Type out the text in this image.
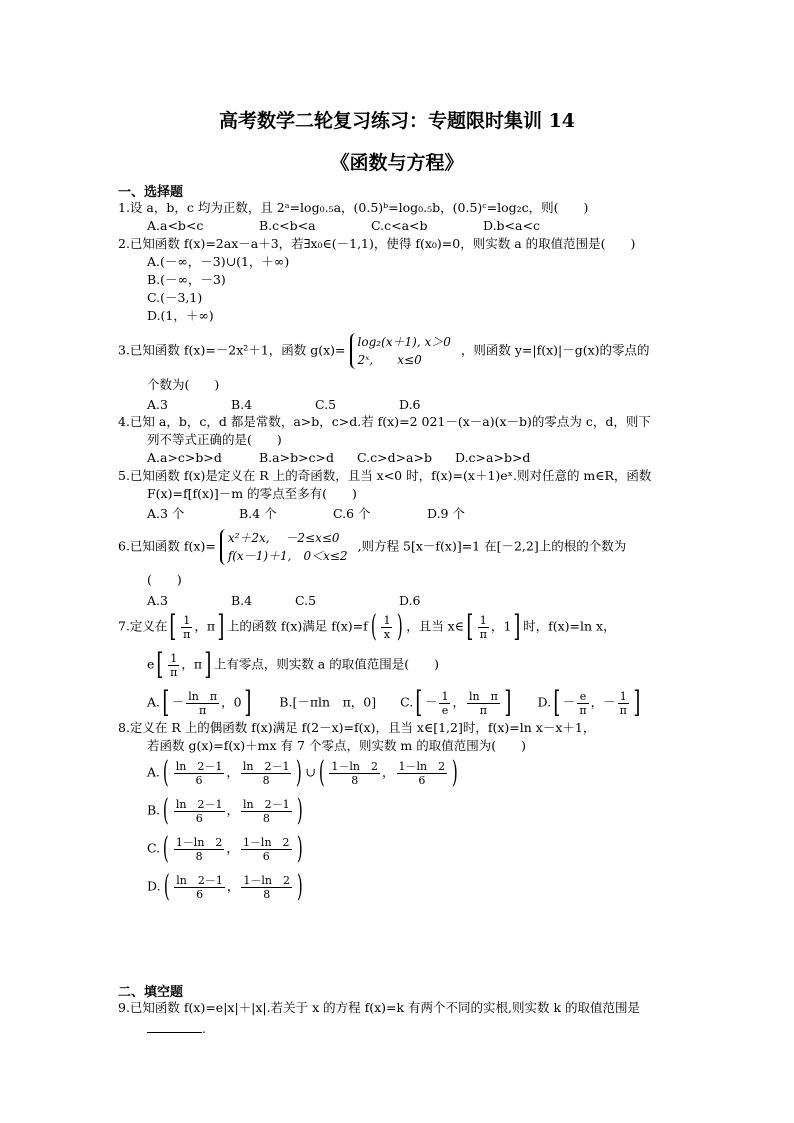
高考数学二轮复习练习：专题限时集训 14
《函数与方程》
一、选择题
1.设 a，b，c 均为正数，且 2ᵃ=log₀.₅a，(0.5)ᵇ=log₀.₅b，(0.5)ᶜ=log₂c，则(　　)
A.a<b<c	B.c<b<a	C.c<a<b	D.b<a<c
2.已知函数 f(x)=2ax－a＋3，若∃x₀∈(－1,1)，使得 f(x₀)=0，则实数 a 的取值范围是(　　)
A.(－∞，－3)∪(1，＋∞)
B.(－∞，－3)
C.(－3,1)
D.(1，＋∞)
3.已知函数 f(x)=－2x²＋1，函数 g(x)=
log₂(x＋1), x＞0
2ˣ,　　x≤0
，则函数 y=|f(x)|－g(x)的零点的
个数为(　　)
A.3	B.4	C.5	D.6
4.已知 a，b，c，d 都是常数，a>b，c>d.若 f(x)=2 021－(x－a)(x－b)的零点为 c，d，则下
列不等式正确的是(　　)
A.a>c>b>d	B.a>b>c>d C.c>d>a>b D.c>a>b>d
5.已知函数 f(x)是定义在 R 上的奇函数，且当 x<0 时，f(x)=(x＋1)eˣ.则对任意的 m∈R，函数
F(x)=f[f(x)]－m 的零点至多有(　　)
A.3 个	B.4 个	C.6 个	D.9 个
6.已知函数 f(x)=
x²＋2x,　 －2≤x≤0
f(x－1)＋1,　0＜x≤2
,则方程 5[x－f(x)]=1 在[－2,2]上的根的个数为
(　　)
A.3	B.4	C.5	D.6
7.定义在[ $\frac{1}{\pi}$ ，π] 上的函数 f(x)满足 $f(x)=f( \frac{1}{x}$ ) ，且当 x∈[ $\frac{1}{\pi}$ ，1] 时，f(x)=ln x，
$e[ \frac{1}{\pi}$ ，π] 上有零点，则实数 a 的取值范围是(　　)
$A.[ - \frac{\text{ln　π}}{\pi}$ ，0] B.[－πln　π，0] $C.[ - \frac{1}{e}$ ， $\frac{\text{ln　π}}{\pi}$ ] $D.[ - \frac{e}{\pi}$ ，－ $\frac{1}{\pi}$ ]
8.定义在 R 上的偶函数 f(x)满足 f(2－x)=f(x)，且当 x∈[1,2]时，f(x)=ln x－x＋1，
若函数 g(x)=f(x)＋mx 有 7 个零点，则实数 m 的取值范围为(　　)
$A.( \frac{\ln 2-1}{6}$ ， $\frac{\ln 2-1}{8}$ ) ∪( $\frac{1-\ln 2}{8}$ ， $\frac{1-\ln 2}{6}$ )
$B.( \frac{\ln 2-1}{6}$ ， $\frac{\ln 2-1}{8}$ )
$C.( \frac{1-\ln 2}{8}$ ， $\frac{1-\ln 2}{6}$ )
$D.( \frac{\ln 2-1}{6}$ ， $\frac{1-\ln 2}{8}$ )
二、填空题
9.已知函数 f(x)=e|x|＋|x|.若关于 x 的方程 f(x)=k 有两个不同的实根,则实数 k 的取值范围是
.
